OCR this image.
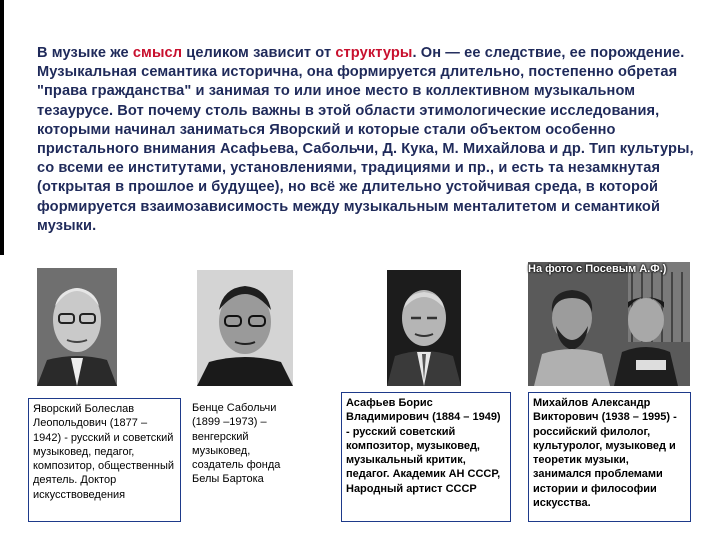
В музыке же смысл целиком зависит от структуры. Он — ее следствие, ее порождение. Музыкальная семантика исторична, она формируется длительно, постепенно обретая "права гражданства" и занимая то или иное место в коллективном музыкальном тезаурусе. Вот почему столь важны в этой области этимологические исследования, которыми начинал заниматься Яворский и которые стали объектом особенно пристального внимания Асафьева, Сабольчи, Д. Кука, М. Михайлова и др. Тип культуры, со всеми ее институтами, установлениями, традициями и пр., и есть та незамкнутая (открытая в прошлое и будущее), но всё же длительно устойчивая среда, в которой формируется взаимозависимость между музыкальным менталитетом и семантикой музыки.
На фото с Посевым А.Ф.)
Яворский Болеслав Леопольдович (1877 – 1942) - русский и советский музыковед, педагог, композитор, общественный деятель. Доктор искусствоведения
Бенце Сабольчи (1899 –1973) – венгерский музыковед, создатель фонда Белы Бартока
Асафьев Борис Владимирович (1884 – 1949) - русский советский композитор, музыковед, музыкальный критик, педагог. Академик АН СССР, Народный артист СССР
Михайлов Александр Викторович (1938 – 1995) - российский филолог, культуролог, музыковед и теоретик музыки, занимался проблемами истории и философии искусства.
